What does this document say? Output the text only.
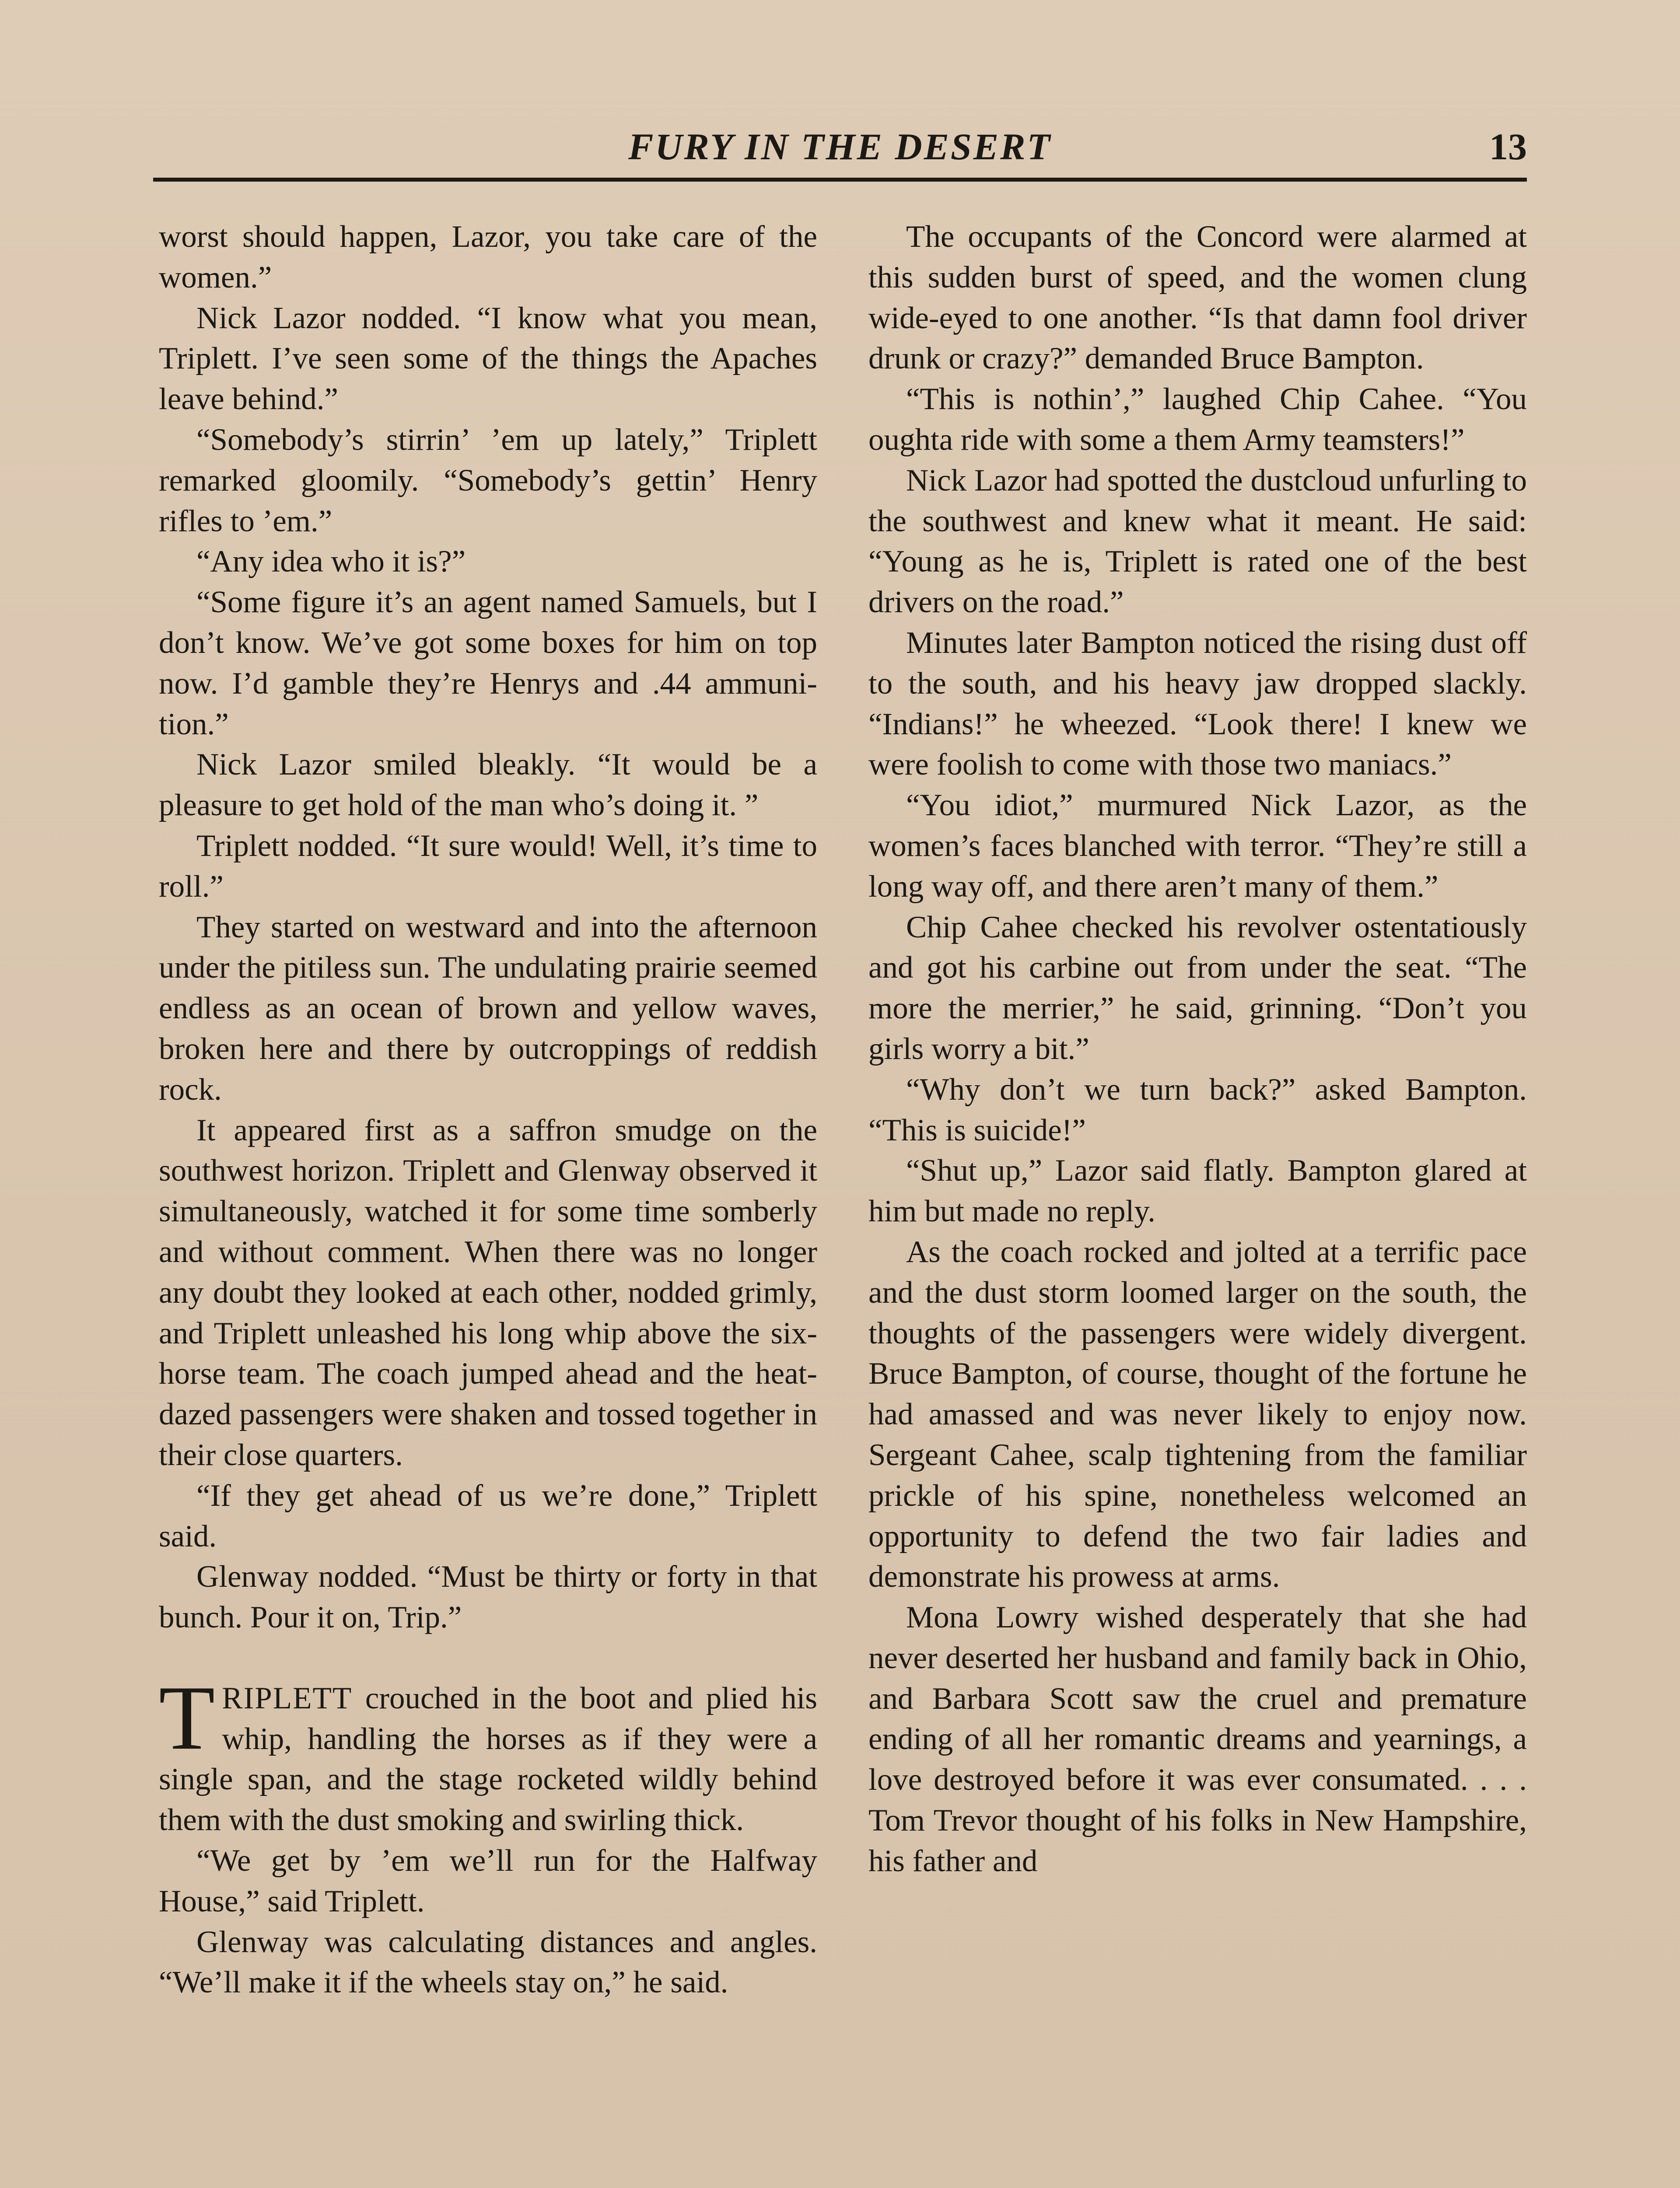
FURY IN THE DESERT	13

worst should happen, Lazor, you take care of the women.”

Nick Lazor nodded. “I know what you mean, Triplett. I’ve seen some of the things the Apaches leave behind.”

“Somebody’s stirrin’ ’em up lately,” Triplett remarked gloomily. “Somebody’s gettin’ Henry rifles to ’em.”

“Any idea who it is?”

“Some figure it’s an agent named Samuels, but I don’t know. We’ve got some boxes for him on top now. I’d gamble they’re Henrys and .44 ammunition.”

Nick Lazor smiled bleakly. “It would be a pleasure to get hold of the man who’s doing it. ”

Triplett nodded. “It sure would! Well, it’s time to roll.”

They started on westward and into the afternoon under the pitiless sun. The undulating prairie seemed endless as an ocean of brown and yellow waves, broken here and there by outcroppings of reddish rock.

It appeared first as a saffron smudge on the southwest horizon. Triplett and Glenway observed it simultaneously, watched it for some time somberly and without comment. When there was no longer any doubt they looked at each other, nodded grimly, and Triplett unleashed his long whip above the six-horse team. The coach jumped ahead and the heat-dazed passengers were shaken and tossed together in their close quarters.

“If they get ahead of us we’re done,” Triplett said.

Glenway nodded. “Must be thirty or forty in that bunch. Pour it on, Trip.”

TRIPLETT crouched in the boot and plied his whip, handling the horses as if they were a single span, and the stage rocketed wildly behind them with the dust smoking and swirling thick.

“We get by ’em we’ll run for the Halfway House,” said Triplett.

Glenway was calculating distances and angles. “We’ll make it if the wheels stay on,” he said.

The occupants of the Concord were alarmed at this sudden burst of speed, and the women clung wide-eyed to one another. “Is that damn fool driver drunk or crazy?” demanded Bruce Bampton.

“This is nothin’,” laughed Chip Cahee. “You oughta ride with some a them Army teamsters!”

Nick Lazor had spotted the dustcloud unfurling to the southwest and knew what it meant. He said: “Young as he is, Triplett is rated one of the best drivers on the road.”

Minutes later Bampton noticed the rising dust off to the south, and his heavy jaw dropped slackly. “Indians!” he wheezed. “Look there! I knew we were foolish to come with those two maniacs.”

“You idiot,” murmured Nick Lazor, as the women’s faces blanched with terror. “They’re still a long way off, and there aren’t many of them.”

Chip Cahee checked his revolver ostentatiously and got his carbine out from under the seat. “The more the merrier,” he said, grinning. “Don’t you girls worry a bit.”

“Why don’t we turn back?” asked Bampton. “This is suicide!”

“Shut up,” Lazor said flatly. Bampton glared at him but made no reply.

As the coach rocked and jolted at a terrific pace and the dust storm loomed larger on the south, the thoughts of the passengers were widely divergent. Bruce Bampton, of course, thought of the fortune he had amassed and was never likely to enjoy now. Sergeant Cahee, scalp tightening from the familiar prickle of his spine, nonetheless welcomed an opportunity to defend the two fair ladies and demonstrate his prowess at arms.

Mona Lowry wished desperately that she had never deserted her husband and family back in Ohio, and Barbara Scott saw the cruel and premature ending of all her romantic dreams and yearnings, a love destroyed before it was ever consumated. . . . Tom Trevor thought of his folks in New Hampshire, his father and
